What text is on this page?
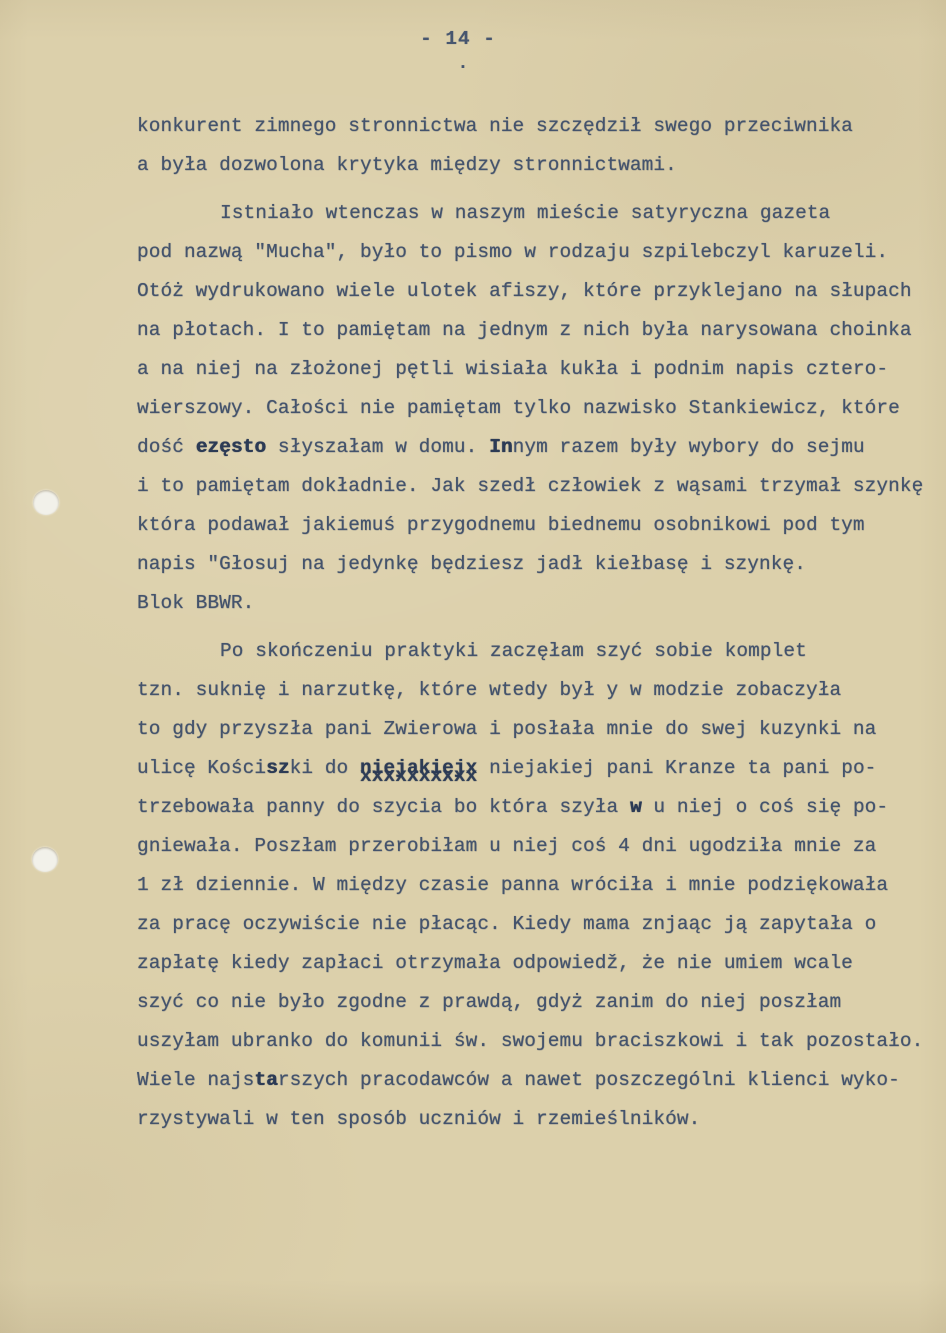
- 14 -
.
konkurent zimnego stronnictwa nie szczędził swego przeciwnika
a była dozwolona krytyka między stronnictwami.
Istniało wtenczas w naszym mieście satyryczna gazeta
pod nazwą "Mucha", było to pismo w rodzaju szpilebczyl karuzeli.
Otóż wydrukowano wiele ulotek afiszy, które przyklejano na słupach
na płotach. I to pamiętam na jednym z nich była narysowana choinka
a na niej na złożonej pętli wisiała kukła i podnim napis cztero-
wierszowy. Całości nie pamiętam tylko nazwisko Stankiewicz, które
dość ezęsto słyszałam w domu. Innym razem były wybory do sejmu
i to pamiętam dokładnie. Jak szedł człowiek z wąsami trzymał szynkę
która podawał jakiemuś przygodnemu biednemu osobnikowi pod tym
napis "Głosuj na jedynkę będziesz jadł kiełbasę i szynkę.
Blok BBWR.
Po skończeniu praktyki zaczęłam szyć sobie komplet
tzn. suknię i narzutkę, które wtedy był y w modzie zobaczyła
to gdy przyszła pani Zwierowa i posłała mnie do swej kuzynki na
ulicę Kościszki do niejakiejx xxxxxxxxxx niejakiej pani Kranze ta pani po-
trzebowała panny do szycia bo która szyła w u niej o coś się po-
gniewała. Poszłam przerobiłam u niej coś 4 dni ugodziła mnie za
1 zł dziennie. W między czasie panna wróciła i mnie podziękowała
za pracę oczywiście nie płacąc. Kiedy mama znjaąc ją zapytała o
zapłatę kiedy zapłaci otrzymała odpowiedž, że nie umiem wcale
szyć co nie było zgodne z prawdą, gdyż zanim do niej poszłam
uszyłam ubranko do komunii św. swojemu braciszkowi i tak pozostało.
Wiele najstarszych pracodawców a nawet poszczególni klienci wyko-
rzystywali w ten sposób uczniów i rzemieślników.
